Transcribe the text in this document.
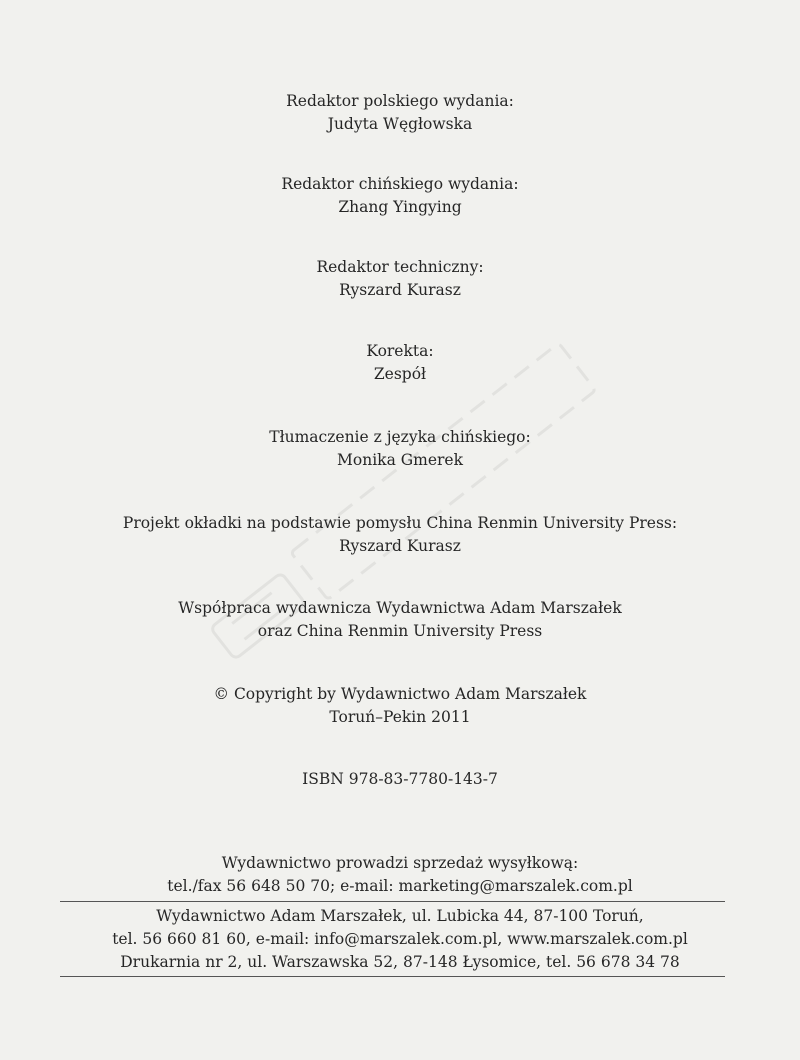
Redaktor polskiego wydania:
Judyta Węgłowska
Redaktor chińskiego wydania:
Zhang Yingying
Redaktor techniczny:
Ryszard Kurasz
Korekta:
Zespół
Tłumaczenie z języka chińskiego:
Monika Gmerek
Projekt okładki na podstawie pomysłu China Renmin University Press:
Ryszard Kurasz
Współpraca wydawnicza Wydawnictwa Adam Marszałek
oraz China Renmin University Press
© Copyright by Wydawnictwo Adam Marszałek
Toruń–Pekin 2011
ISBN 978-83-7780-143-7
Wydawnictwo prowadzi sprzedaż wysyłkową:
tel./fax 56 648 50 70; e-mail: marketing@marszalek.com.pl
Wydawnictwo Adam Marszałek, ul. Lubicka 44, 87-100 Toruń,
tel. 56 660 81 60, e-mail: info@marszalek.com.pl, www.marszalek.com.pl
Drukarnia nr 2, ul. Warszawska 52, 87-148 Łysomice, tel. 56 678 34 78
